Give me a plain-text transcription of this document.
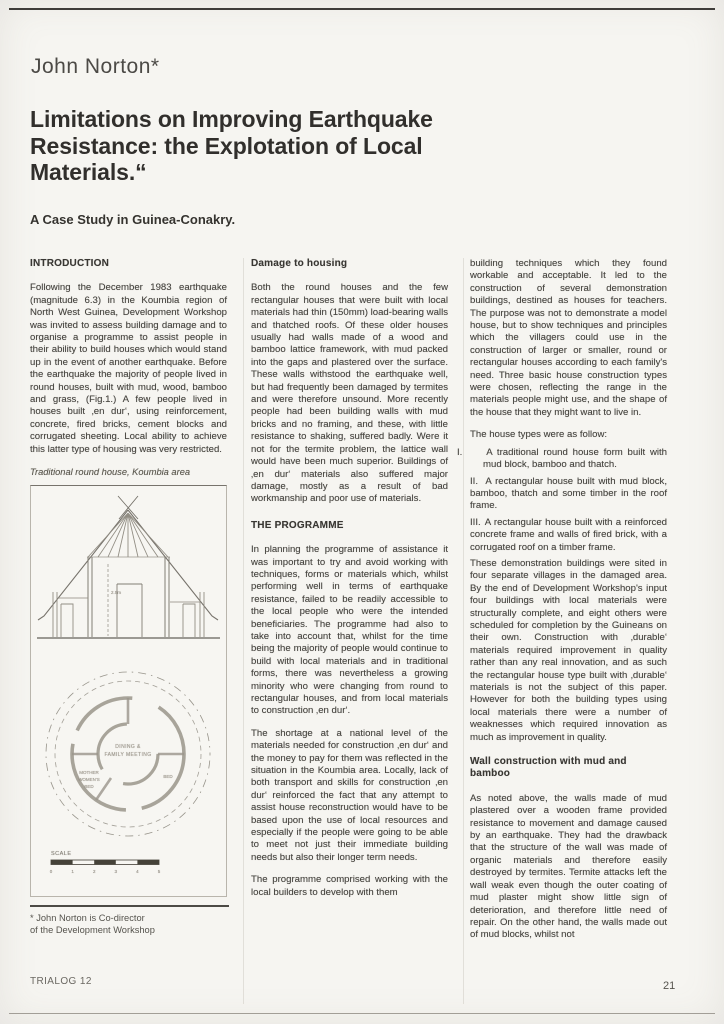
John Norton*
Limitations on Improving Earthquake Resistance: the Explotation of Local Materials.“
A Case Study in Guinea-Conakry.
INTRODUCTION

Following the December 1983 earthquake (magnitude 6.3) in the Koumbia region of North West Guinea, Development Workshop was invited to assess building damage and to organise a programme to assist people in their ability to build houses which would stand up in the event of another earthquake. Before the earthquake the majority of people lived in round houses, built with mud, wood, bamboo and grass, (Fig.1.) A few people lived in houses built ‚en dur‘, using reinforcement, concrete, fired bricks, cement blocks and corrugated sheeting. Local ability to achieve this latter type of housing was very restricted.

Traditional round house, Koumbia area
2.5m
DINING &
FAMILY MEETING
MOTHER
WOMEN'S
BED
BED
SCALE
0	1	2	3	4	5
* John Norton is Co-director
of the Development Workshop
Damage to housing

Both the round houses and the few rectangular houses that were built with local materials had thin (150mm) load-bearing walls and thatched roofs. Of these older houses usually had walls made of a wood and bamboo lattice framework, with mud packed into the gaps and plastered over the surface. These walls withstood the earthquake well, but had frequently been damaged by termites and were therefore unsound. More recently people had been building walls with mud bricks and no framing, and these, with little resistance to shaking, suffered badly. Were it not for the termite problem, the lattice wall would have been much superior. Buildings of ‚en dur‘ materials also suffered major damage, mostly as a result of bad workmanship and poor use of materials.

THE PROGRAMME

In planning the programme of assistance it was important to try and avoid working with techniques, forms or materials which, whilst performing well in terms of earthquake resistance, failed to be readily accessible to the local people who were the intended beneficiaries. The programme had also to take into account that, whilst for the time being the majority of people would continue to build with local materials and in traditional forms, there was nevertheless a growing minority who were changing from round to rectangular houses, and from local materials to construction ‚en dur‘.

The shortage at a national level of the materials needed for construction ‚en dur‘ and the money to pay for them was reflected in the situation in the Koumbia area. Locally, lack of both transport and skills for construction ‚en dur‘ reinforced the fact that any attempt to assist house reconstruction would have to be based upon the use of local resources and especially if the people were going to be able to meet not just their immediate building needs but also their longer term needs.

The programme comprised working with the local builders to develop with them

building techniques which they found workable and acceptable. It led to the construction of several demonstration buildings, destined as houses for teachers. The purpose was not to demonstrate a model house, but to show techniques and principles which the villagers could use in the construction of larger or smaller, round or rectangular houses according to each family's need. Three basic house construction types were chosen, reflecting the range in the materials people might use, and the shape of the house that they might want to live in.

The house types were as follow:

I. A traditional round house form built with mud block, bamboo and thatch.

II. A rectangular house built with mud block, bamboo, thatch and some timber in the roof frame.

III. A rectangular house built with a reinforced concrete frame and walls of fired brick, with a corrugated roof on a timber frame.

These demonstration buildings were sited in four separate villages in the damaged area. By the end of Development Workshop's input four buildings with local materials were structurally complete, and eight others were scheduled for completion by the Guineans on their own. Construction with ‚durable‘ materials required improvement in quality rather than any real innovation, and as such the rectangular house type built with ‚durable‘ materials is not the subject of this paper. However for both the building types using local materials there were a number of weaknesses which required innovation as much as improvement in quality.

Wall construction with mud and bamboo

As noted above, the walls made of mud plastered over a wooden frame provided resistance to movement and damage caused by an earthquake. They had the drawback that the structure of the wall was made of organic materials and therefore easily destroyed by termites. Termite attacks left the wall weak even though the outer coating of mud plaster might show little sign of deterioration, and therefore little need of repair. On the other hand, the walls made out of mud blocks, whilst not

TRIALOG 12	21
